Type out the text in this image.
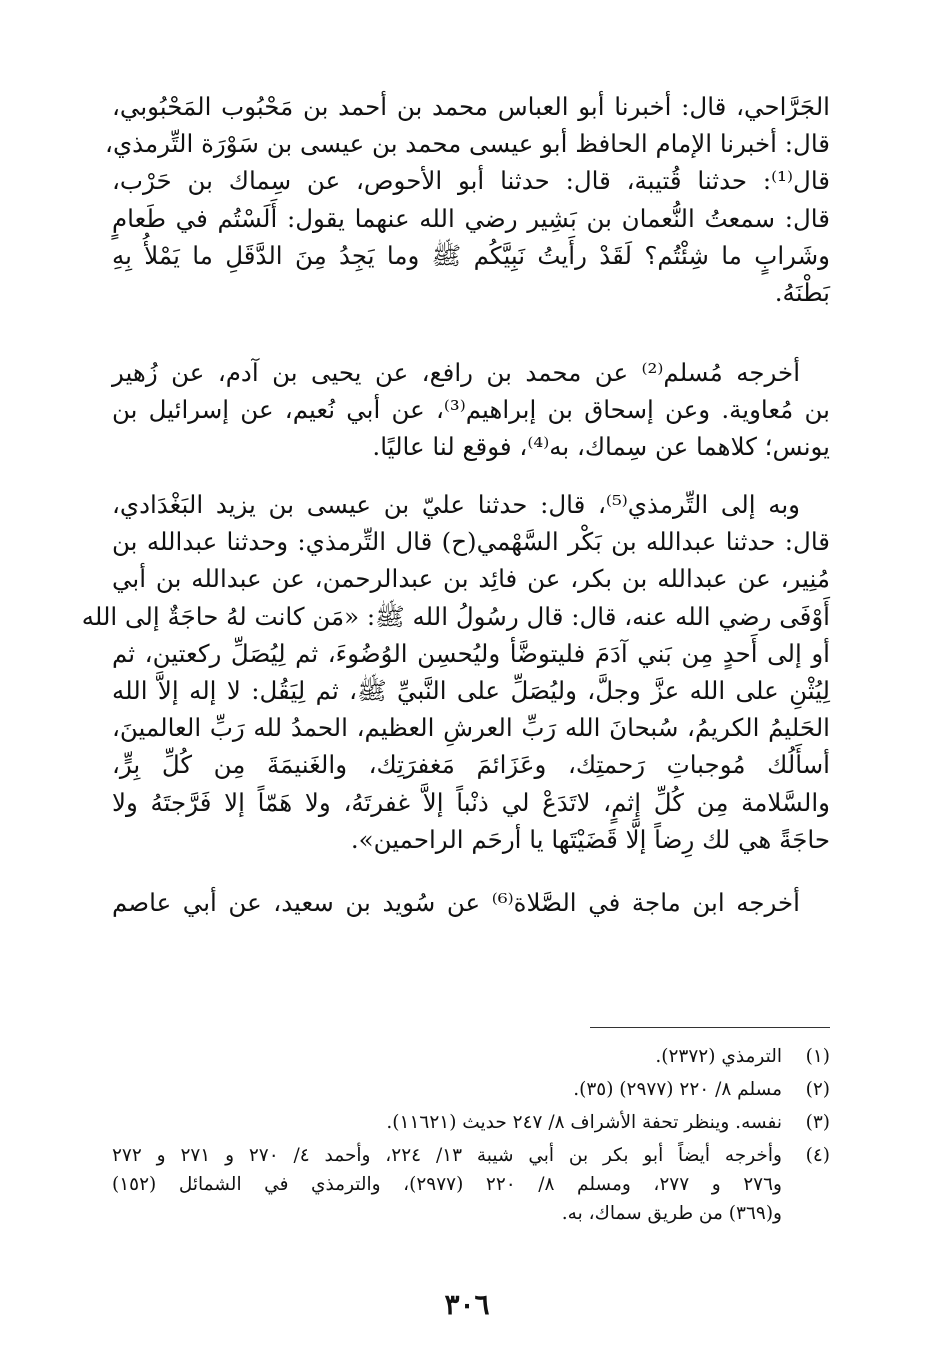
الجَرَّاحي، قال: أخبرنا أبو العباس محمد بن أحمد بن مَحْبُوب المَحْبُوبي،
قال: أخبرنا الإمام الحافظ أبو عيسى محمد بن عيسى بن سَوْرَة التِّرمذي،
قال⁽¹⁾: حدثنا قُتيبة، قال: حدثنا أبو الأحوص، عن سِماك بن حَرْب،
قال: سمعتُ النُّعمان بن بَشِير رضي الله عنهما يقول: أَلَسْتُم في طَعامٍ
وشَرابٍ ما شِئْتُم؟ لَقَدْ رأَيتُ نَبِيَّكُم ﷺ وما يَجِدُ مِنَ الدَّقَلِ ما يَمْلأُ بِهِ
بَطْنَهُ.

أخرجه مُسلم⁽²⁾ عن محمد بن رافع، عن يحيى بن آدم، عن زُهير
بن مُعاوية. وعن إسحاق بن إبراهيم⁽³⁾، عن أبي نُعيم، عن إسرائيل بن
يونس؛ كلاهما عن سِماك، به⁽⁴⁾، فوقع لنا عاليًا.

وبه إلى التِّرمذي⁽⁵⁾، قال: حدثنا عليّ بن عيسى بن يزيد البَغْدَادي،
قال: حدثنا عبدالله بن بَكْر السَّهْمي(ح) قال التِّرمذي: وحدثنا عبدالله بن
مُنِير، عن عبدالله بن بكر، عن فائِد بن عبدالرحمن، عن عبدالله بن أبي
أَوْفَى رضي الله عنه، قال: قال رسُولُ الله ﷺ: «مَن كانت لهُ حاجَةٌ إلى الله
أو إلى أَحدٍ مِن بَني آدَمَ فليتوضَّأ وليُحسِن الوُضُوءَ، ثم لِيُصَلِّ ركعتين، ثم
لِيُثْنِ على الله عزَّ وجلَّ، وليُصَلِّ على النَّبيِّ ﷺ، ثم لِيَقُل: لا إله إلاَّ الله
الحَليمُ الكريمُ، سُبحانَ الله رَبِّ العرشِ العظيم، الحمدُ لله رَبِّ العالمينَ،
أسأَلُك مُوجباتِ رَحمتِك، وعَزَائمَ مَغفرَتِك، والغَنيمَةَ مِن كُلِّ بِرٍّ،
والسَّلامة مِن كُلِّ إثمٍ، لاتَدَعْ لي ذنْباً إلاَّ غفرتَهُ، ولا هَمّاً إلا فَرَّجتَهُ ولا
حاجَةً هي لك رِضاً إلَّا قَضَيْتَها يا أرحَم الراحمين».

أخرجه ابن ماجة في الصَّلاة⁽⁶⁾ عن سُويد بن سعيد، عن أبي عاصم

(١)
الترمذي (٢٣٧٢).
(٢)
مسلم ٨/ ٢٢٠ (٢٩٧٧) (٣٥).
(٣)
نفسه. وينظر تحفة الأشراف ٨/ ٢٤٧ حديث (١١٦٢١).
(٤)
وأخرجه أيضاً أبو بكر بن أبي شيبة ١٣/ ٢٢٤، وأحمد ٤/ ٢٧٠ و ٢٧١ و ٢٧٢
و٢٧٦ و ٢٧٧، ومسلم ٨/ ٢٢٠ (٢٩٧٧)، والترمذي في الشمائل (١٥٢)
و(٣٦٩) من طريق سماك، به.
٣٠٦
